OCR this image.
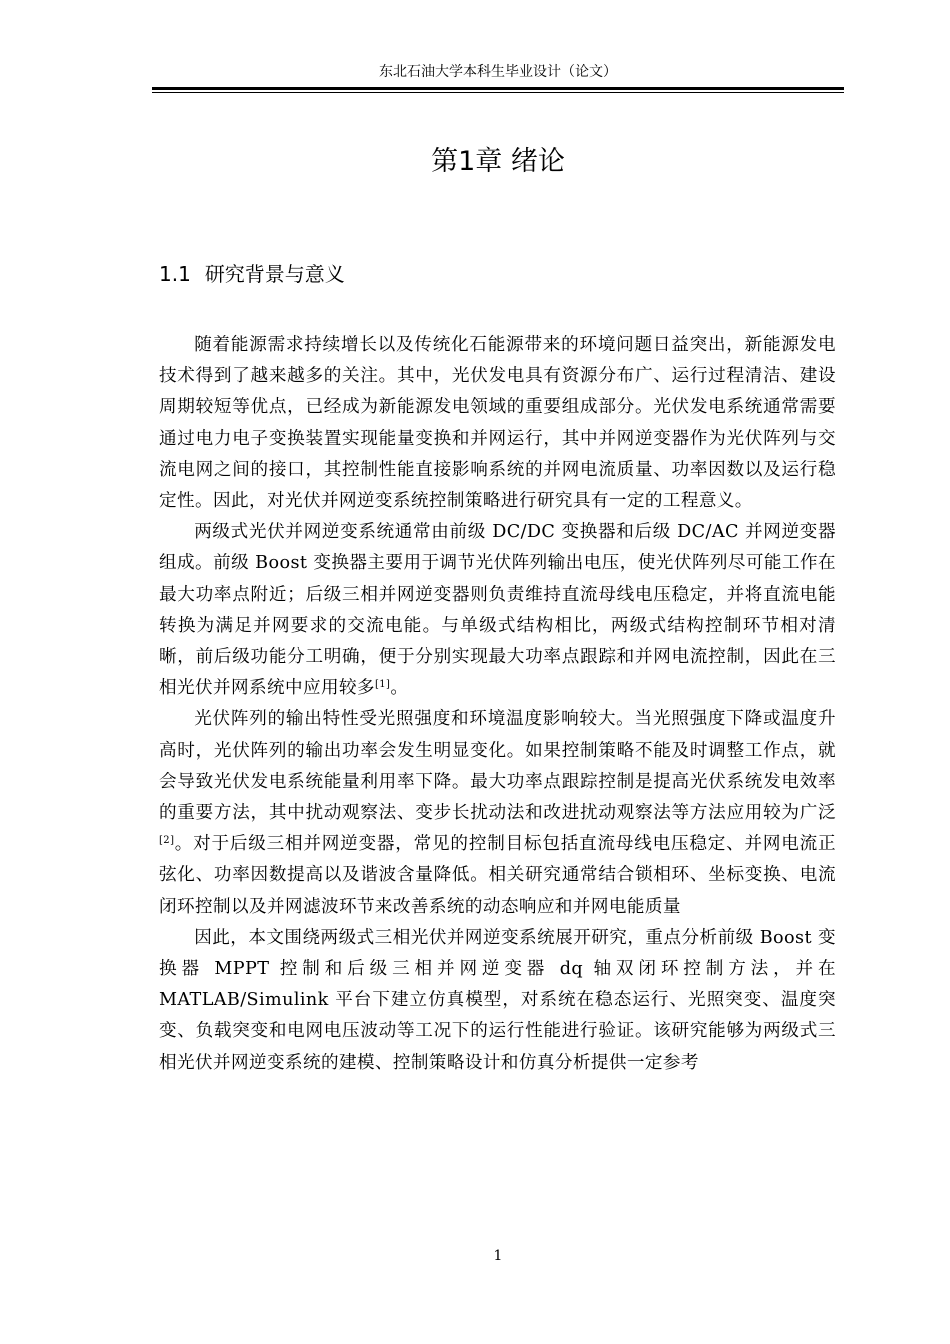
东北石油大学本科生毕业设计（论文）
第1章 绪论
1.1 研究背景与意义

随着能源需求持续增长以及传统化石能源带来的环境问题日益突出，新能源发电技术得到了越来越多的关注。其中，光伏发电具有资源分布广、运行过程清洁、建设周期较短等优点，已经成为新能源发电领域的重要组成部分。光伏发电系统通常需要通过电力电子变换装置实现能量变换和并网运行，其中并网逆变器作为光伏阵列与交流电网之间的接口，其控制性能直接影响系统的并网电流质量、功率因数以及运行稳定性。因此，对光伏并网逆变系统控制策略进行研究具有一定的工程意义。

两级式光伏并网逆变系统通常由前级 DC/DC 变换器和后级 DC/AC 并网逆变器组成。前级 Boost 变换器主要用于调节光伏阵列输出电压，使光伏阵列尽可能工作在最大功率点附近；后级三相并网逆变器则负责维持直流母线电压稳定，并将直流电能转换为满足并网要求的交流电能。与单级式结构相比，两级式结构控制环节相对清晰，前后级功能分工明确，便于分别实现最大功率点跟踪和并网电流控制，因此在三相光伏并网系统中应用较多[1]。

光伏阵列的输出特性受光照强度和环境温度影响较大。当光照强度下降或温度升高时，光伏阵列的输出功率会发生明显变化。如果控制策略不能及时调整工作点，就会导致光伏发电系统能量利用率下降。最大功率点跟踪控制是提高光伏系统发电效率的重要方法，其中扰动观察法、变步长扰动法和改进扰动观察法等方法应用较为广泛[2]。对于后级三相并网逆变器，常见的控制目标包括直流母线电压稳定、并网电流正弦化、功率因数提高以及谐波含量降低。相关研究通常结合锁相环、坐标变换、电流闭环控制以及并网滤波环节来改善系统的动态响应和并网电能质量

因此，本文围绕两级式三相光伏并网逆变系统展开研究，重点分析前级 Boost 变换器 MPPT 控制和后级三相并网逆变器 dq 轴双闭环控制方法，并在 MATLAB/Simulink 平台下建立仿真模型，对系统在稳态运行、光照突变、温度突变、负载突变和电网电压波动等工况下的运行性能进行验证。该研究能够为两级式三相光伏并网逆变系统的建模、控制策略设计和仿真分析提供一定参考

1
